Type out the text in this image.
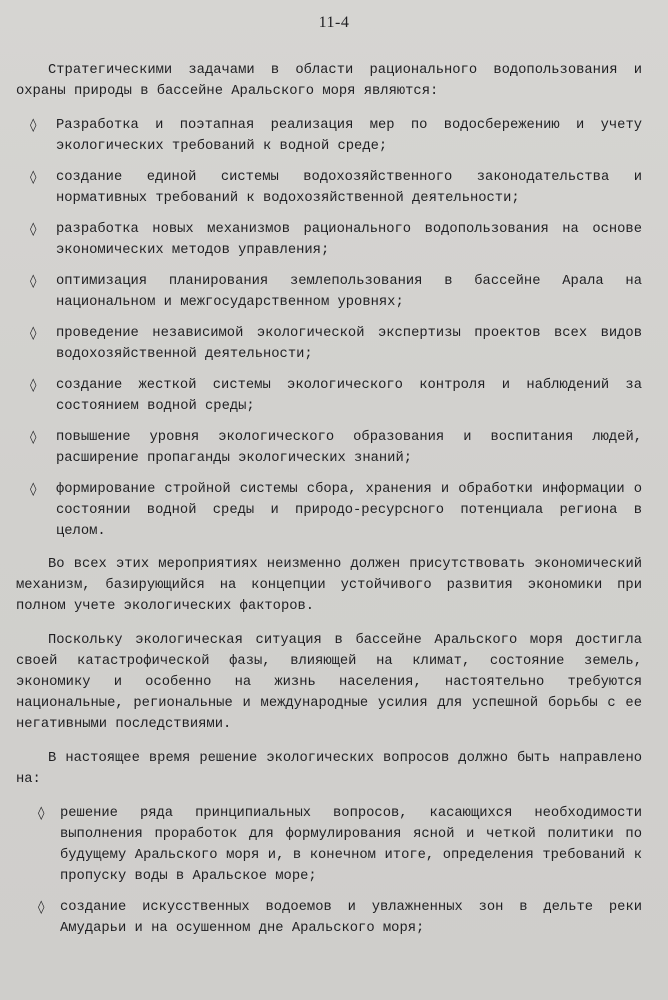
11-4

Стратегическими задачами в области рационального водопользования и охраны природы в бассейне Аральского моря являются:

◊ Разработка и поэтапная реализация мер по водосбережению и учету экологических требований к водной среде;
◊ создание единой системы водохозяйственного законодательства и нормативных требований к водохозяйственной деятельности;
◊ разработка новых механизмов рационального водопользования на основе экономических методов управления;
◊ оптимизация планирования землепользования в бассейне Арала на национальном и межгосударственном уровнях;
◊ проведение независимой экологической экспертизы проектов всех видов водохозяйственной деятельности;
◊ создание жесткой системы экологического контроля и наблюдений за состоянием водной среды;
◊ повышение уровня экологического образования и воспитания людей, расширение пропаганды экологических знаний;
◊ формирование стройной системы сбора, хранения и обработки информации о состоянии водной среды и природо-ресурсного потенциала региона в целом.

Во всех этих мероприятиях неизменно должен присутствовать экономический механизм, базирующийся на концепции устойчивого развития экономики при полном учете экологических факторов.

Поскольку экологическая ситуация в бассейне Аральского моря достигла своей катастрофической фазы, влияющей на климат, состояние земель, экономику и особенно на жизнь населения, настоятельно требуются национальные, региональные и международные усилия для успешной борьбы с ее негативными последствиями.

В настоящее время решение экологических вопросов должно быть направлено на:

◊ решение ряда принципиальных вопросов, касающихся необходимости выполнения проработок для формулирования ясной и четкой политики по будущему Аральского моря и, в конечном итоге, определения требований к пропуску воды в Аральское море;
◊ создание искусственных водоемов и увлажненных зон в дельте реки Амударьи и на осушенном дне Аральского моря;
